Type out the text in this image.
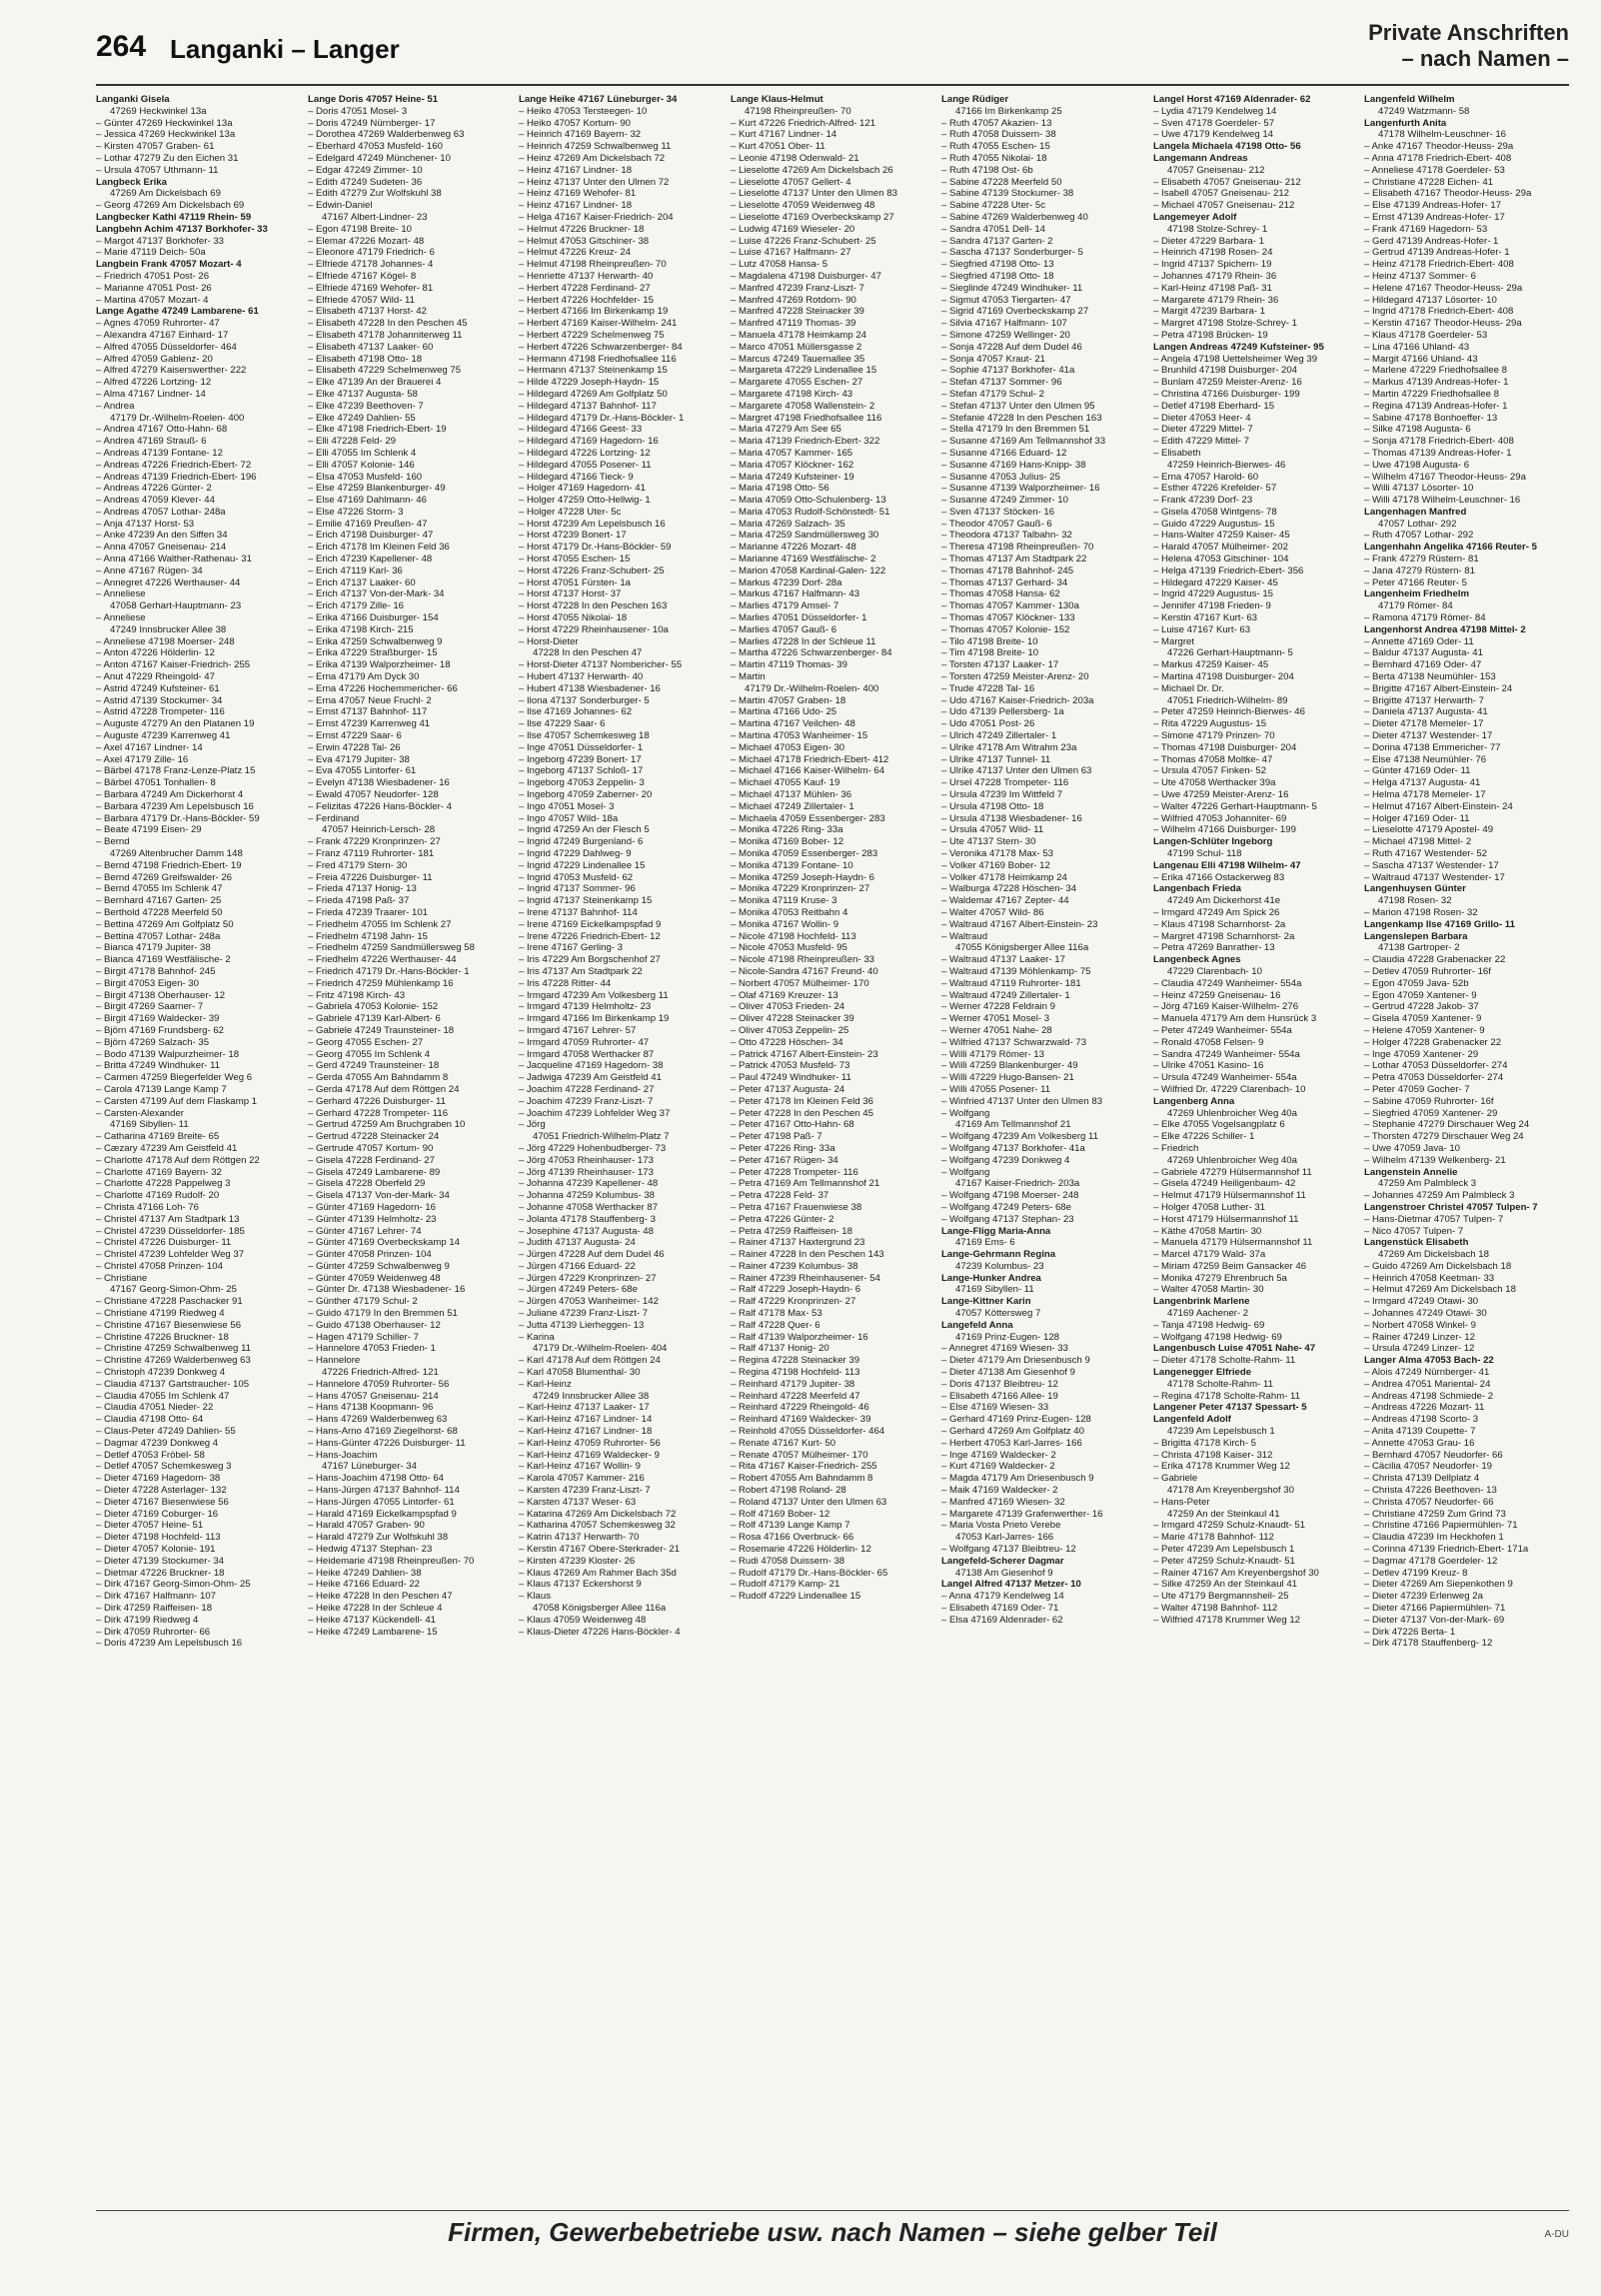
264 Langanki – Langer
Private Anschriften
– nach Namen –
Langanki Gisela
47269 Heckwinkel 13a
– Günter 47269 Heckwinkel 13a
– Jessica 47269 Heckwinkel 13a
– Kirsten 47057 Graben- 61
– Lothar 47279 Zu den Eichen 31
– Ursula 47057 Uthmann- 11
Langbeck Erika
47269 Am Dickelsbach 69
– Georg 47269 Am Dickelsbach 69
Langbecker Kathi 47119 Rhein- 59
Langbehn Achim 47137 Borkhofer- 33
– Margot 47137 Borkhofer- 33
– Marie 47119 Deich- 50a
Langbein Frank 47057 Mozart- 4
– Friedrich 47051 Post- 26
– Marianne 47051 Post- 26
– Martina 47057 Mozart- 4
Lange Agathe 47249 Lambarene- 61
– Agnes 47059 Ruhrorter- 47
– Alexandra 47167 Einhard- 17
– Alfred 47055 Düsseldorfer- 464
– Alfred 47059 Gablenz- 20
– Alfred 47279 Kaiserswerther- 222
– Alfred 47226 Lortzing- 12
– Alma 47167 Lindner- 14
– Andrea
47179 Dr.-Wilhelm-Roelen- 400
– Andrea 47167 Otto-Hahn- 68
– Andrea 47169 Strauß- 6
– Andreas 47139 Fontane- 12
– Andreas 47226 Friedrich-Ebert- 72
– Andreas 47139 Friedrich-Ebert- 196
– Andreas 47226 Günter- 2
– Andreas 47059 Klever- 44
– Andreas 47057 Lothar- 248a
– Anja 47137 Horst- 53
– Anke 47239 An den Siffen 34
– Anna 47057 Gneisenau- 214
– Anna 47166 Walther-Rathenau- 31
– Anne 47167 Rügen- 34
– Annegret 47226 Werthauser- 44
– Anneliese
47058 Gerhart-Hauptmann- 23
– Anneliese
47249 Innsbrucker Allee 38
– Anneliese 47198 Moerser- 248
– Anton 47226 Hölderlin- 12
– Anton 47167 Kaiser-Friedrich- 255
– Anut 47229 Rheingold- 47
– Astrid 47249 Kufsteiner- 61
– Astrid 47139 Stockumer- 34
– Astrid 47228 Trompeter- 116
– Auguste 47279 An den Platanen 19
– Auguste 47239 Karrenweg 41
– Axel 47167 Lindner- 14
– Axel 47179 Zille- 16
– Bärbel 47178 Franz-Lenze-Platz 15
– Bärbel 47051 Tonhallen- 8
– Barbara 47249 Am Dickerhorst 4
– Barbara 47239 Am Lepelsbusch 16
– Barbara 47179 Dr.-Hans-Böckler- 59
– Beate 47199 Eisen- 29
– Bernd
47269 Altenbrucher Damm 148
– Bernd 47198 Friedrich-Ebert- 19
– Bernd 47269 Greifswalder- 26
– Bernd 47055 Im Schlenk 47
– Bernhard 47167 Garten- 25
– Berthold 47228 Meerfeld 50
– Bettina 47269 Am Golfplatz 50
– Bettina 47057 Lothar- 248a
– Bianca 47179 Jupiter- 38
– Bianca 47169 Westfälische- 2
– Birgit 47178 Bahnhof- 245
– Birgit 47053 Eigen- 30
– Birgit 47138 Oberhauser- 12
– Birgit 47269 Saarner- 7
– Birgit 47169 Waldecker- 39
– Björn 47169 Frundsberg- 62
– Björn 47269 Salzach- 35
– Bodo 47139 Walpurzheimer- 18
– Britta 47249 Windhuker- 11
– Carmen 47259 Biegerfelder Weg 6
– Carola 47139 Lange Kamp 7
– Carsten 47199 Auf dem Flaskamp 1
– Carsten-Alexander
47169 Sibyllen- 11
– Catharina 47169 Breite- 65
– Cæzary 47239 Am Geistfeld 41
– Charlotte 47178 Auf dem Röttgen 22
– Charlotte 47169 Bayern- 32
– Charlotte 47228 Pappelweg 3
– Charlotte 47169 Rudolf- 20
– Christa 47166 Loh- 76
– Christel 47137 Am Stadtpark 13
– Christel 47239 Düsseldorfer- 185
– Christel 47226 Duisburger- 11
– Christel 47239 Lohfelder Weg 37
– Christel 47058 Prinzen- 104
– Christiane
47167 Georg-Simon-Ohm- 25
– Christiane 47228 Paschacker 91
– Christiane 47199 Riedweg 4
– Christine 47167 Biesenwiese 56
– Christine 47226 Bruckner- 18
– Christine 47259 Schwalbenweg 11
– Christine 47269 Walderbenweg 63
– Christoph 47239 Donkweg 4
– Claudia 47137 Gartstraucher- 105
– Claudia 47055 Im Schlenk 47
– Claudia 47051 Nieder- 22
– Claudia 47198 Otto- 64
– Claus-Peter 47249 Dahlien- 55
– Dagmar 47239 Donkweg 4
– Detlef 47053 Fröbel- 58
– Detlef 47057 Schemkesweg 3
– Dieter 47169 Hagedorn- 38
– Dieter 47228 Asterlager- 132
– Dieter 47167 Biesenwiese 56
– Dieter 47169 Coburger- 16
– Dieter 47057 Heine- 51
– Dieter 47198 Hochfeld- 113
– Dieter 47057 Kolonie- 191
– Dieter 47139 Stockumer- 34
– Dietmar 47226 Bruckner- 18
– Dirk 47167 Georg-Simon-Ohm- 25
– Dirk 47167 Halfmann- 107
– Dirk 47259 Raiffeisen- 18
– Dirk 47199 Riedweg 4
– Dirk 47059 Ruhrorter- 66
– Doris 47239 Am Lepelsbusch 16
Lange Doris 47057 Heine- 51
– Doris 47051 Mosel- 3
– Doris 47249 Nürnberger- 17
– Dorothea 47269 Walderbenweg 63
– Eberhard 47053 Musfeld- 160
– Edelgard 47249 Münchener- 10
– Edgar 47249 Zimmer- 10
– Edith 47249 Sudeten- 36
– Edith 47279 Zur Wolfskuhl 38
– Edwin-Daniel
47167 Albert-Lindner- 23
– Egon 47198 Breite- 10
– Elemar 47226 Mozart- 48
– Eleonore 47179 Friedrich- 6
– Elfriede 47178 Johannes- 4
– Elfriede 47167 Kögel- 8
– Elfriede 47169 Wehofer- 81
– Elfriede 47057 Wild- 11
– Elisabeth 47137 Horst- 42
– Elisabeth 47228 In den Peschen 45
– Elisabeth 47178 Johanniterweg 11
– Elisabeth 47137 Laaker- 60
– Elisabeth 47198 Otto- 18
– Elisabeth 47229 Schelmenweg 75
– Elke 47139 An der Brauerei 4
– Elke 47137 Augusta- 58
– Elke 47239 Beethoven- 7
– Elke 47249 Dahlien- 55
– Elke 47198 Friedrich-Ebert- 19
– Elli 47228 Feld- 29
– Elli 47055 Im Schlenk 4
– Elli 47057 Kolonie- 146
– Elsa 47053 Musfeld- 160
– Else 47259 Blankenburger- 49
– Else 47169 Dahlmann- 46
– Else 47226 Storm- 3
– Emilie 47169 Preußen- 47
– Erich 47198 Duisburger- 47
– Erich 47178 Im Kleinen Feld 36
– Erich 47239 Kapellener- 48
– Erich 47119 Karl- 36
– Erich 47137 Laaker- 60
– Erich 47137 Von-der-Mark- 34
– Erich 47179 Zille- 16
– Erika 47166 Duisburger- 154
– Erika 47198 Kirch- 215
– Erika 47259 Schwalbenweg 9
– Erika 47229 Straßburger- 15
– Erika 47139 Walporzheimer- 18
– Erna 47179 Am Dyck 30
– Erna 47226 Hochemmericher- 66
– Erna 47057 Neue Fruchl- 2
– Ernst 47137 Bahnhof- 117
– Ernst 47239 Karrenweg 41
– Ernst 47229 Saar- 6
– Erwin 47228 Tal- 26
– Eva 47179 Jupiter- 38
– Eva 47055 Lintorfer- 61
– Evelyn 47138 Wiesbadener- 16
– Ewald 47057 Neudorfer- 128
– Felizitas 47226 Hans-Böckler- 4
– Ferdinand
47057 Heinrich-Lersch- 28
– Frank 47229 Kronprinzen- 27
– Franz 47119 Ruhrorter- 181
– Fred 47179 Stern- 30
– Freia 47226 Duisburger- 11
– Frieda 47137 Honig- 13
– Frieda 47198 Paß- 37
– Frieda 47239 Traarer- 101
– Friedhelm 47055 Im Schlenk 27
– Friedhelm 47198 Jahn- 15
– Friedhelm 47259 Sandmüllersweg 58
– Friedhelm 47226 Werthauser- 44
– Friedrich 47179 Dr.-Hans-Böckler- 1
– Friedrich 47259 Mühlenkamp 16
– Fritz 47198 Kirch- 43
– Gabriela 47053 Kolonie- 152
– Gabriele 47139 Karl-Albert- 6
– Gabriele 47249 Traunsteiner- 18
– Georg 47055 Eschen- 27
– Georg 47055 Im Schlenk 4
– Gerd 47249 Traunsteiner- 18
– Gerda 47055 Am Bahndamm 8
– Gerda 47178 Auf dem Röttgen 24
– Gerhard 47226 Duisburger- 11
– Gerhard 47228 Trompeter- 116
– Gertrud 47259 Am Bruchgraben 10
– Gertrud 47228 Steinacker 24
– Gertrude 47057 Kortum- 90
– Gisela 47228 Ferdinand- 27
– Gisela 47249 Lambarene- 89
– Gisela 47228 Oberfeld 29
– Gisela 47137 Von-der-Mark- 34
– Günter 47169 Hagedorn- 16
– Günter 47139 Helmholtz- 23
– Günter 47167 Lehrer- 74
– Günter 47169 Overbeckskamp 14
– Günter 47058 Prinzen- 104
– Günter 47259 Schwalbenweg 9
– Günter 47059 Weidenweg 48
– Günter Dr. 47138 Wiesbadener- 16
– Günther 47179 Schul- 2
– Guido 47179 In den Bremmen 51
– Guido 47138 Oberhauser- 12
– Hagen 47179 Schiller- 7
– Hannelore 47053 Frieden- 1
– Hannelore
47226 Friedrich-Alfred- 121
– Hannelore 47059 Ruhrorter- 56
– Hans 47057 Gneisenau- 214
– Hans 47138 Koopmann- 96
– Hans 47269 Walderbenweg 63
– Hans-Arno 47169 Ziegelhorst- 68
– Hans-Günter 47226 Duisburger- 11
– Hans-Joachim
47167 Lüneburger- 34
– Hans-Joachim 47198 Otto- 64
– Hans-Jürgen 47137 Bahnhof- 114
– Hans-Jürgen 47055 Lintorfer- 61
– Harald 47169 Eickelkampspfad 9
– Harald 47057 Graben- 90
– Harald 47279 Zur Wolfskuhl 38
– Hedwig 47137 Stephan- 23
– Heidemarie 47198 Rheinpreußen- 70
– Heike 47249 Dahlien- 38
– Heike 47166 Eduard- 22
– Heike 47228 In den Peschen 47
– Heike 47228 In der Schleue 4
– Heike 47137 Kückendell- 41
– Heike 47249 Lambarene- 15
Lange Heike 47167 Lüneburger- 34
– Heiko 47053 Tersteegen- 10
– Heiko 47057 Kortum- 90
– Heinrich 47169 Bayern- 32
– Heinrich 47259 Schwalbenweg 11
– Heinz 47269 Am Dickelsbach 72
– Heinz 47167 Lindner- 18
– Heinz 47137 Unter den Ulmen 72
– Heinz 47169 Wehofer- 81
– Heinz 47167 Lindner- 18
– Helga 47167 Kaiser-Friedrich- 204
– Helmut 47226 Bruckner- 18
– Helmut 47053 Gitschiner- 38
– Helmut 47226 Kreuz- 24
– Helmut 47198 Rheinpreußen- 70
– Henriette 47137 Herwarth- 40
– Herbert 47228 Ferdinand- 27
– Herbert 47226 Hochfelder- 15
– Herbert 47166 Im Birkenkamp 19
– Herbert 47169 Kaiser-Wilhelm- 241
– Herbert 47229 Schelmenweg 75
– Herbert 47226 Schwarzenberger- 84
– Hermann 47198 Friedhofsallee 116
– Hermann 47137 Steinenkamp 15
– Hilde 47229 Joseph-Haydn- 15
– Hildegard 47269 Am Golfplatz 50
– Hildegard 47137 Bahnhof- 117
– Hildegard 47179 Dr.-Hans-Böckler- 1
– Hildegard 47166 Geest- 33
– Hildegard 47169 Hagedorn- 16
– Hildegard 47226 Lortzing- 12
– Hildegard 47055 Posener- 11
– Hildegard 47166 Tieck- 9
– Holger 47169 Hagedorn- 41
– Holger 47259 Otto-Hellwig- 1
– Holger 47228 Uter- 5c
– Horst 47239 Am Lepelsbusch 16
– Horst 47239 Bonert- 17
– Horst 47179 Dr.-Hans-Böckler- 59
– Horst 47055 Eschen- 15
– Horst 47226 Franz-Schubert- 25
– Horst 47051 Fürsten- 1a
– Horst 47137 Horst- 37
– Horst 47228 In den Peschen 163
– Horst 47055 Nikolai- 18
– Horst 47229 Rheinhausener- 10a
– Horst-Dieter
47228 In den Peschen 47
– Horst-Dieter 47137 Nombericher- 55
– Hubert 47137 Herwarth- 40
– Hubert 47138 Wiesbadener- 16
– Ilona 47137 Sonderburger- 5
– Ilse 47169 Johannes- 62
– Ilse 47229 Saar- 6
– Ilse 47057 Schemkesweg 18
– Inge 47051 Düsseldorfer- 1
– Ingeborg 47239 Bonert- 17
– Ingeborg 47137 Schloß- 17
– Ingeborg 47053 Zeppelin- 3
– Ingeborg 47059 Zaberner- 20
– Ingo 47051 Mosel- 3
– Ingo 47057 Wild- 18a
– Ingrid 47259 An der Flesch 5
– Ingrid 47249 Burgenland- 6
– Ingrid 47229 Dahlweg- 9
– Ingrid 47229 Lindenallee 15
– Ingrid 47053 Musfeld- 62
– Ingrid 47137 Sommer- 96
– Ingrid 47137 Steinenkamp 15
– Irene 47137 Bahnhof- 114
– Irene 47169 Eickelkampspfad 9
– Irene 47226 Friedrich-Ebert- 12
– Irene 47167 Gerling- 3
– Iris 47229 Am Borgschenhof 27
– Iris 47137 Am Stadtpark 22
– Iris 47228 Ritter- 44
– Irmgard 47239 Am Volkesberg 11
– Irmgard 47139 Helmholtz- 23
– Irmgard 47166 Im Birkenkamp 19
– Irmgard 47167 Lehrer- 57
– Irmgard 47059 Ruhrorter- 47
– Irmgard 47058 Werthacker 87
– Jacqueline 47169 Hagedorn- 38
– Jadwiga 47239 Am Geistfeld 41
– Joachim 47228 Ferdinand- 27
– Joachim 47239 Franz-Liszt- 7
– Joachim 47239 Lohfelder Weg 37
– Jörg
47051 Friedrich-Wilhelm-Platz 7
– Jörg 47229 Hohenbudberger- 73
– Jörg 47053 Rheinhauser- 173
– Jörg 47139 Rheinhauser- 173
– Johanna 47239 Kapellener- 48
– Johanna 47259 Kolumbus- 38
– Johanne 47058 Werthacker 87
– Jolanta 47178 Stauffenberg- 3
– Josephine 47137 Augusta- 48
– Judith 47137 Augusta- 24
– Jürgen 47228 Auf dem Dudel 46
– Jürgen 47166 Eduard- 22
– Jürgen 47229 Kronprinzen- 27
– Jürgen 47249 Peters- 68e
– Jürgen 47053 Wanheimer- 142
– Juliane 47239 Franz-Liszt- 7
– Jutta 47139 Lierheggen- 13
– Karina
47179 Dr.-Wilhelm-Roelen- 404
– Karl 47178 Auf dem Röttgen 24
– Karl 47058 Blumenthal- 30
– Karl-Heinz
47249 Innsbrucker Allee 38
– Karl-Heinz 47137 Laaker- 17
– Karl-Heinz 47167 Lindner- 14
– Karl-Heinz 47167 Lindner- 18
– Karl-Heinz 47059 Ruhrorter- 56
– Karl-Heinz 47169 Waldecker- 9
– Karl-Heinz 47167 Wollin- 9
– Karola 47057 Kammer- 216
– Karsten 47239 Franz-Liszt- 7
– Karsten 47137 Weser- 63
– Katarina 47269 Am Dickelsbach 72
– Katharina 47057 Schemkesweg 32
– Katrin 47137 Herwarth- 70
– Kerstin 47167 Obere-Sterkrader- 21
– Kirsten 47239 Kloster- 26
– Klaus 47269 Am Rahmer Bach 35d
– Klaus 47137 Eckershorst 9
– Klaus
47058 Königsberger Allee 116a
– Klaus 47059 Weidenweg 48
– Klaus-Dieter 47226 Hans-Böckler- 4
Lange Klaus-Helmut
47198 Rheinpreußen- 70
– Kurt 47226 Friedrich-Alfred- 121
– Kurt 47167 Lindner- 14
– Kurt 47051 Ober- 11
– Leonie 47198 Odenwald- 21
– Lieselotte 47269 Am Dickelsbach 26
– Lieselotte 47057 Gellert- 4
– Lieselotte 47137 Unter den Ulmen 83
– Lieselotte 47059 Weidenweg 48
– Lieselotte 47169 Overbeckskamp 27
– Ludwig 47169 Wieseler- 20
– Luise 47226 Franz-Schubert- 25
– Luise 47167 Halfmann- 27
– Lutz 47058 Hansa- 5
– Magdalena 47198 Duisburger- 47
– Manfred 47239 Franz-Liszt- 7
– Manfred 47269 Rotdorn- 90
– Manfred 47228 Steinacker 39
– Manfred 47119 Thomas- 39
– Manuela 47178 Heimkamp 24
– Marco 47051 Müllersgasse 2
– Marcus 47249 Tauernallee 35
– Margareta 47229 Lindenallee 15
– Margarete 47055 Eschen- 27
– Margarete 47198 Kirch- 43
– Margarete 47058 Wallenstein- 2
– Margret 47198 Friedhofsallee 116
– Maria 47279 Am See 65
– Maria 47139 Friedrich-Ebert- 322
– Maria 47057 Kammer- 165
– Maria 47057 Klöckner- 162
– Maria 47249 Kufsteiner- 19
– Maria 47198 Otto- 56
– Maria 47059 Otto-Schulenberg- 13
– Maria 47053 Rudolf-Schönstedt- 51
– Maria 47269 Salzach- 35
– Maria 47259 Sandmüllersweg 30
– Marianne 47226 Mozart- 48
– Marianne 47169 Westfälische- 2
– Marion 47058 Kardinal-Galen- 122
– Markus 47239 Dorf- 28a
– Markus 47167 Halfmann- 43
– Marlies 47179 Amsel- 7
– Marlies 47051 Düsseldorfer- 1
– Marlies 47057 Gauß- 6
– Marlies 47228 In der Schleue 11
– Martha 47226 Schwarzenberger- 84
– Martin 47119 Thomas- 39
– Martin
47179 Dr.-Wilhelm-Roelen- 400
– Martin 47057 Graben- 18
– Martina 47166 Udo- 25
– Martina 47167 Veilchen- 48
– Martina 47053 Wanheimer- 15
– Michael 47053 Eigen- 30
– Michael 47178 Friedrich-Ebert- 412
– Michael 47166 Kaiser-Wilhelm- 64
– Michael 47055 Kauf- 19
– Michael 47137 Mühlen- 36
– Michael 47249 Zillertaler- 1
– Michaela 47059 Essenberger- 283
– Monika 47226 Ring- 33a
– Monika 47169 Bober- 12
– Monika 47059 Essenberger- 283
– Monika 47139 Fontane- 10
– Monika 47259 Joseph-Haydn- 6
– Monika 47229 Kronprinzen- 27
– Monika 47119 Kruse- 3
– Monika 47053 Reitbahn 4
– Monika 47167 Wollin- 9
– Nicole 47198 Hochfeld- 113
– Nicole 47053 Musfeld- 95
– Nicole 47198 Rheinpreußen- 33
– Nicole-Sandra 47167 Freund- 40
– Norbert 47057 Mülheimer- 170
– Olaf 47169 Kreuzer- 13
– Oliver 47053 Frieden- 24
– Oliver 47228 Steinacker 39
– Oliver 47053 Zeppelin- 25
– Otto 47228 Höschen- 34
– Patrick 47167 Albert-Einstein- 23
– Patrick 47053 Musfeld- 73
– Paul 47249 Windhuker- 11
– Peter 47137 Augusta- 24
– Peter 47178 Im Kleinen Feld 36
– Peter 47228 In den Peschen 45
– Peter 47167 Otto-Hahn- 68
– Peter 47198 Paß- 7
– Peter 47226 Ring- 33a
– Peter 47167 Rügen- 34
– Peter 47228 Trompeter- 116
– Petra 47169 Am Tellmannshof 21
– Petra 47228 Feld- 37
– Petra 47167 Frauenwiese 38
– Petra 47226 Günter- 2
– Petra 47259 Raiffeisen- 18
– Rainer 47137 Haxtergrund 23
– Rainer 47228 In den Peschen 143
– Rainer 47239 Kolumbus- 38
– Rainer 47239 Rheinhausener- 54
– Ralf 47229 Joseph-Haydn- 6
– Ralf 47229 Kronprinzen- 27
– Ralf 47178 Max- 53
– Ralf 47228 Quer- 6
– Ralf 47139 Walporzheimer- 16
– Ralf 47137 Honig- 20
– Regina 47228 Steinacker 39
– Regina 47198 Hochfeld- 113
– Reinhard 47179 Jupiter- 38
– Reinhard 47228 Meerfeld 47
– Reinhard 47229 Rheingold- 46
– Reinhard 47169 Waldecker- 39
– Reinhold 47055 Düsseldorfer- 464
– Renate 47167 Kurt- 50
– Renate 47057 Mülheimer- 170
– Rita 47167 Kaiser-Friedrich- 255
– Robert 47055 Am Bahndamm 8
– Robert 47198 Roland- 28
– Roland 47137 Unter den Ulmen 63
– Rolf 47169 Bober- 12
– Rolf 47139 Lange Kamp 7
– Rosa 47166 Overbruck- 66
– Rosemarie 47226 Hölderlin- 12
– Rudi 47058 Duissern- 38
– Rudolf 47179 Dr.-Hans-Böckler- 65
– Rudolf 47179 Kamp- 21
– Rudolf 47229 Lindenallee 15
Lange Rüdiger
47166 Im Birkenkamp 25
– Ruth 47057 Akazien- 13
– Ruth 47058 Duissern- 38
– Ruth 47055 Eschen- 15
– Ruth 47055 Nikolai- 18
– Ruth 47198 Ost- 6b
– Sabine 47228 Meerfeld 50
– Sabine 47139 Stockumer- 38
– Sabine 47228 Uter- 5c
– Sabine 47269 Walderbenweg 40
– Sandra 47051 Dell- 14
– Sandra 47137 Garten- 2
– Sascha 47137 Sonderburger- 5
– Siegfried 47198 Otto- 13
– Siegfried 47198 Otto- 18
– Sieglinde 47249 Windhuker- 11
– Sigmut 47053 Tiergarten- 47
– Sigrid 47169 Overbeckskamp 27
– Silvia 47167 Halfmann- 107
– Simone 47259 Wellinger- 20
– Sonja 47228 Auf dem Dudel 46
– Sonja 47057 Kraut- 21
– Sophie 47137 Borkhofer- 41a
– Stefan 47137 Sommer- 96
– Stefan 47179 Schul- 2
– Stefan 47137 Unter den Ulmen 95
– Stefanie 47228 In den Peschen 163
– Stella 47179 In den Bremmen 51
– Susanne 47169 Am Tellmannshof 33
– Susanne 47166 Eduard- 12
– Susanne 47169 Hans-Knipp- 38
– Susanne 47053 Julius- 25
– Susanne 47139 Walporzheimer- 16
– Susanne 47249 Zimmer- 10
– Sven 47137 Stöcken- 16
– Theodor 47057 Gauß- 6
– Theodora 47137 Talbahn- 32
– Theresa 47198 Rheinpreußen- 70
– Thomas 47137 Am Stadtpark 22
– Thomas 47178 Bahnhof- 245
– Thomas 47137 Gerhard- 34
– Thomas 47058 Hansa- 62
– Thomas 47057 Kammer- 130a
– Thomas 47057 Klöckner- 133
– Thomas 47057 Kolonie- 152
– Tilo 47198 Breite- 10
– Tim 47198 Breite- 10
– Torsten 47137 Laaker- 17
– Torsten 47259 Meister-Arenz- 20
– Trude 47228 Tal- 16
– Udo 47167 Kaiser-Friedrich- 203a
– Udo 47139 Pellersberg- 1a
– Udo 47051 Post- 26
– Ulrich 47249 Zillertaler- 1
– Ulrike 47178 Am Witrahm 23a
– Ulrike 47137 Tunnel- 11
– Ulrike 47137 Unter den Ulmen 63
– Ursel 47228 Trompeter- 116
– Ursula 47239 Im Wittfeld 7
– Ursula 47198 Otto- 18
– Ursula 47138 Wiesbadener- 16
– Ursula 47057 Wild- 11
– Ute 47137 Stern- 30
– Veronika 47178 Max- 53
– Volker 47169 Bober- 12
– Volker 47178 Heimkamp 24
– Walburga 47228 Höschen- 34
– Waldemar 47167 Zepter- 44
– Walter 47057 Wild- 86
– Waltraud 47167 Albert-Einstein- 23
– Waltraud
47055 Königsberger Allee 116a
– Waltraud 47137 Laaker- 17
– Waltraud 47139 Möhlenkamp- 75
– Waltraud 47119 Ruhrorter- 181
– Waltraud 47249 Zillertaler- 1
– Werner 47228 Feldrain 9
– Werner 47051 Mosel- 3
– Werner 47051 Nahe- 28
– Wilfried 47137 Schwarzwald- 73
– Willi 47179 Römer- 13
– Willi 47259 Blankenburger- 49
– Willi 47229 Hugo-Bansen- 21
– Willi 47055 Posener- 11
– Winfried 47137 Unter den Ulmen 83
– Wolfgang
47169 Am Tellmannshof 21
– Wolfgang 47239 Am Volkesberg 11
– Wolfgang 47137 Borkhofer- 41a
– Wolfgang 47239 Donkweg 4
– Wolfgang
47167 Kaiser-Friedrich- 203a
– Wolfgang 47198 Moerser- 248
– Wolfgang 47249 Peters- 68e
– Wolfgang 47137 Stephan- 23
Lange-Fligg Maria-Anna
47169 Ems- 6
Lange-Gehrmann Regina
47239 Kolumbus- 23
Lange-Hunker Andrea
47169 Sibyllen- 11
Lange-Kittner Karin
47057 Köttersweg 7
Langefeld Anna
47169 Prinz-Eugen- 128
– Annegret 47169 Wiesen- 33
– Dieter 47179 Am Driesenbusch 9
– Dieter 47138 Am Giesenhof 9
– Doris 47137 Bleibtreu- 12
– Elisabeth 47166 Allee- 19
– Else 47169 Wiesen- 33
– Gerhard 47169 Prinz-Eugen- 128
– Gerhard 47269 Am Golfplatz 40
– Herbert 47053 Karl-Jarres- 166
– Inge 47169 Waldecker- 2
– Kurt 47169 Waldecker- 2
– Magda 47179 Am Driesenbusch 9
– Maik 47169 Waldecker- 2
– Manfred 47169 Wiesen- 32
– Margarete 47139 Grafenwerther- 16
– Maria Vosta Prieto Verebe
47053 Karl-Jarres- 166
– Wolfgang 47137 Bleibtreu- 12
Langefeld-Scherer Dagmar
47138 Am Giesenhof 9
Langel Alfred 47137 Metzer- 10
– Anna 47179 Kendelweg 14
– Elisabeth 47169 Oder- 71
– Elsa 47169 Aldenrader- 62
Langel Horst 47169 Aldenrader- 62
– Lydia 47179 Kendelweg 14
– Sven 47178 Goerdeler- 57
– Uwe 47179 Kendelweg 14
Langela Michaela 47198 Otto- 56
Langemann Andreas
47057 Gneisenau- 212
– Elisabeth 47057 Gneisenau- 212
– Isabell 47057 Gneisenau- 212
– Michael 47057 Gneisenau- 212
Langemeyer Adolf
47198 Stolze-Schrey- 1
– Dieter 47229 Barbara- 1
– Heinrich 47198 Rosen- 24
– Ingrid 47137 Spichern- 19
– Johannes 47179 Rhein- 36
– Karl-Heinz 47198 Paß- 31
– Margarete 47179 Rhein- 36
– Margit 47239 Barbara- 1
– Margret 47198 Stolze-Schrey- 1
– Petra 47198 Brücken- 19
Langen Andreas 47249 Kufsteiner- 95
– Angela 47198 Uettelsheimer Weg 39
– Brunhild 47198 Duisburger- 204
– Bunlam 47259 Meister-Arenz- 16
– Christina 47166 Duisburger- 199
– Detlef 47198 Eberhard- 15
– Dieter 47053 Heer- 4
– Dieter 47229 Mittel- 7
– Edith 47229 Mittel- 7
– Elisabeth
47259 Heinrich-Bierwes- 46
– Erna 47057 Harold- 60
– Esther 47226 Krefelder- 57
– Frank 47239 Dorf- 23
– Gisela 47058 Wintgens- 78
– Guido 47229 Augustus- 15
– Hans-Walter 47259 Kaiser- 45
– Harald 47057 Mülheimer- 202
– Helena 47053 Gitschiner- 104
– Helga 47139 Friedrich-Ebert- 356
– Hildegard 47229 Kaiser- 45
– Ingrid 47229 Augustus- 15
– Jennifer 47198 Frieden- 9
– Kerstin 47167 Kurt- 63
– Luise 47167 Kurt- 63
– Margret
47226 Gerhart-Hauptmann- 5
– Markus 47259 Kaiser- 45
– Martina 47198 Duisburger- 204
– Michael Dr. Dr.
47051 Friedrich-Wilhelm- 89
– Peter 47259 Heinrich-Bierwes- 46
– Rita 47229 Augustus- 15
– Simone 47179 Prinzen- 70
– Thomas 47198 Duisburger- 204
– Thomas 47058 Moltke- 47
– Ursula 47057 Finken- 52
– Ute 47058 Werthacker 39a
– Uwe 47259 Meister-Arenz- 16
– Walter 47226 Gerhart-Hauptmann- 5
– Wilfried 47053 Johanniter- 69
– Wilhelm 47166 Duisburger- 199
Langen-Schlüter Ingeborg
47199 Schul- 118
Langenau Elli 47198 Wilhelm- 47
– Erika 47166 Ostackerweg 83
Langenbach Frieda
47249 Am Dickerhorst 41e
– Irmgard 47249 Am Spick 26
– Klaus 47198 Scharnhorst- 2a
– Margret 47198 Scharnhorst- 2a
– Petra 47269 Banrather- 13
Langenbeck Agnes
47229 Clarenbach- 10
– Claudia 47249 Wanheimer- 554a
– Heinz 47259 Gneisenau- 16
– Jörg 47169 Kaiser-Wilhelm- 276
– Manuela 47179 Am dem Hunsrück 3
– Peter 47249 Wanheimer- 554a
– Ronald 47058 Felsen- 9
– Sandra 47249 Wanheimer- 554a
– Ulrike 47051 Kasino- 16
– Ursula 47249 Wanheimer- 554a
– Wilfried Dr. 47229 Clarenbach- 10
Langenberg Anna
47269 Uhlenbroicher Weg 40a
– Elke 47055 Vogelsangplatz 6
– Elke 47226 Schiller- 1
– Friedrich
47269 Uhlenbroicher Weg 40a
– Gabriele 47279 Hülsermannshof 11
– Gisela 47249 Heiligenbaum- 42
– Helmut 47179 Hülsermannshof 11
– Holger 47058 Luther- 31
– Horst 47179 Hülsermannshof 11
– Käthe 47058 Martin- 30
– Manuela 47179 Hülsermannshof 11
– Marcel 47179 Wald- 37a
– Miriam 47259 Beim Gansacker 46
– Monika 47279 Ehrenbruch 5a
– Walter 47058 Martin- 30
Langenbrink Marlene
47169 Aachener- 2
– Tanja 47198 Hedwig- 69
– Wolfgang 47198 Hedwig- 69
Langenbusch Luise 47051 Nahe- 47
– Dieter 47178 Scholte-Rahm- 11
Langenegger Elfriede
47178 Scholte-Rahm- 11
– Regina 47178 Scholte-Rahm- 11
Langener Peter 47137 Spessart- 5
Langenfeld Adolf
47239 Am Lepelsbusch 1
– Brigitta 47178 Kirch- 5
– Christa 47198 Kaiser- 312
– Erika 47178 Krummer Weg 12
– Gabriele
47178 Am Kreyenbergshof 30
– Hans-Peter
47259 An der Steinkaul 41
– Irmgard 47259 Schulz-Knaudt- 51
– Marie 47178 Bahnhof- 112
– Peter 47239 Am Lepelsbusch 1
– Peter 47259 Schulz-Knaudt- 51
– Rainer 47167 Am Kreyenbergshof 30
– Silke 47259 An der Steinkaul 41
– Ute 47179 Bergmannsheil- 25
– Walter 47198 Bahnhof- 112
– Wilfried 47178 Krummer Weg 12
Langenfeld Wilhelm
47249 Watzmann- 58
Langenfurth Anita
47178 Wilhelm-Leuschner- 16
– Anke 47167 Theodor-Heuss- 29a
– Anna 47178 Friedrich-Ebert- 408
– Anneliese 47178 Goerdeler- 53
– Christiane 47228 Eichen- 41
– Elisabeth 47167 Theodor-Heuss- 29a
– Else 47139 Andreas-Hofer- 17
– Ernst 47139 Andreas-Hofer- 17
– Frank 47169 Hagedorn- 53
– Gerd 47139 Andreas-Hofer- 1
– Gertrud 47139 Andreas-Hofer- 1
– Heinz 47178 Friedrich-Ebert- 408
– Heinz 47137 Sommer- 6
– Helene 47167 Theodor-Heuss- 29a
– Hildegard 47137 Lösorter- 10
– Ingrid 47178 Friedrich-Ebert- 408
– Kerstin 47167 Theodor-Heuss- 29a
– Klaus 47178 Goerdeler- 53
– Lina 47166 Uhland- 43
– Margit 47166 Uhland- 43
– Marlene 47229 Friedhofsallee 8
– Markus 47139 Andreas-Hofer- 1
– Martin 47229 Friedhofsallee 8
– Regina 47139 Andreas-Hofer- 1
– Sabine 47178 Bonhoeffer- 13
– Silke 47198 Augusta- 6
– Sonja 47178 Friedrich-Ebert- 408
– Thomas 47139 Andreas-Hofer- 1
– Uwe 47198 Augusta- 6
– Wilhelm 47167 Theodor-Heuss- 29a
– Willi 47137 Lösorter- 10
– Willi 47178 Wilhelm-Leuschner- 16
Langenhagen Manfred
47057 Lothar- 292
– Ruth 47057 Lothar- 292
Langenhahn Angelika 47166 Reuter- 5
– Frank 47279 Rüstern- 81
– Jana 47279 Rüstern- 81
– Peter 47166 Reuter- 5
Langenheim Friedhelm
47179 Römer- 84
– Ramona 47179 Römer- 84
Langenhorst Andrea 47198 Mittel- 2
– Annette 47169 Oder- 11
– Baldur 47137 Augusta- 41
– Bernhard 47169 Oder- 47
– Berta 47138 Neumühler- 153
– Brigitte 47167 Albert-Einstein- 24
– Brigitte 47137 Herwarth- 7
– Daniela 47137 Augusta- 41
– Dieter 47178 Memeler- 17
– Dieter 47137 Westender- 17
– Dorina 47138 Emmericher- 77
– Else 47138 Neumühler- 76
– Günter 47169 Oder- 11
– Helga 47137 Augusta- 41
– Helma 47178 Memeler- 17
– Helmut 47167 Albert-Einstein- 24
– Holger 47169 Oder- 11
– Lieselotte 47179 Apostel- 49
– Michael 47198 Mittel- 2
– Ruth 47167 Westender- 52
– Sascha 47137 Westender- 17
– Waltraud 47137 Westender- 17
Langenhuysen Günter
47198 Rosen- 32
– Marion 47198 Rosen- 32
Langenkamp Ilse 47169 Grillo- 11
Langenslepen Barbara
47138 Gartroper- 2
– Claudia 47228 Grabenacker 22
– Detlev 47059 Ruhrorter- 16f
– Egon 47059 Java- 52b
– Egon 47059 Xantener- 9
– Gertrud 47228 Jakob- 37
– Gisela 47059 Xantener- 9
– Helene 47059 Xantener- 9
– Holger 47228 Grabenacker 22
– Inge 47059 Xantener- 29
– Lothar 47053 Düsseldorfer- 274
– Petra 47053 Düsseldorfer- 274
– Peter 47059 Gocher- 7
– Sabine 47059 Ruhrorter- 16f
– Siegfried 47059 Xantener- 29
– Stephanie 47279 Dirschauer Weg 24
– Thorsten 47279 Dirschauer Weg 24
– Uwe 47059 Java- 10
– Wilhelm 47139 Welkenberg- 21
Langenstein Annelie
47259 Am Palmbleck 3
– Johannes 47259 Am Palmbleck 3
Langenstroer Christel 47057 Tulpen- 7
– Hans-Dietmar 47057 Tulpen- 7
– Nico 47057 Tulpen- 7
Langenstück Elisabeth
47269 Am Dickelsbach 18
– Guido 47269 Am Dickelsbach 18
– Heinrich 47058 Keetman- 33
– Helmut 47269 Am Dickelsbach 18
– Irmgard 47249 Otawi- 30
– Johannes 47249 Otawi- 30
– Norbert 47058 Winkel- 9
– Rainer 47249 Linzer- 12
– Ursula 47249 Linzer- 12
Langer Alma 47053 Bach- 22
– Alois 47249 Nürnberger- 41
– Andrea 47051 Mariental- 24
– Andreas 47198 Schmiede- 2
– Andreas 47226 Mozart- 11
– Andreas 47198 Scorto- 3
– Anita 47139 Coupette- 7
– Annette 47053 Grau- 16
– Bernhard 47057 Neudorfer- 66
– Cäcilia 47057 Neudorfer- 19
– Christa 47139 Dellplatz 4
– Christa 47226 Beethoven- 13
– Christa 47057 Neudorfer- 66
– Christiane 47259 Zum Grind 73
– Christine 47166 Papiermühlen- 71
– Claudia 47239 Im Heckhofen 1
– Corinna 47139 Friedrich-Ebert- 171a
– Dagmar 47178 Goerdeler- 12
– Detlev 47199 Kreuz- 8
– Dieter 47269 Am Siepenkothen 9
– Dieter 47239 Erlenweg 2a
– Dieter 47166 Papiermühlen- 71
– Dieter 47137 Von-der-Mark- 69
– Dirk 47226 Berta- 1
– Dirk 47178 Stauffenberg- 12
Firmen, Gewerbebetriebe usw. nach Namen – siehe gelber Teil	A-DU
